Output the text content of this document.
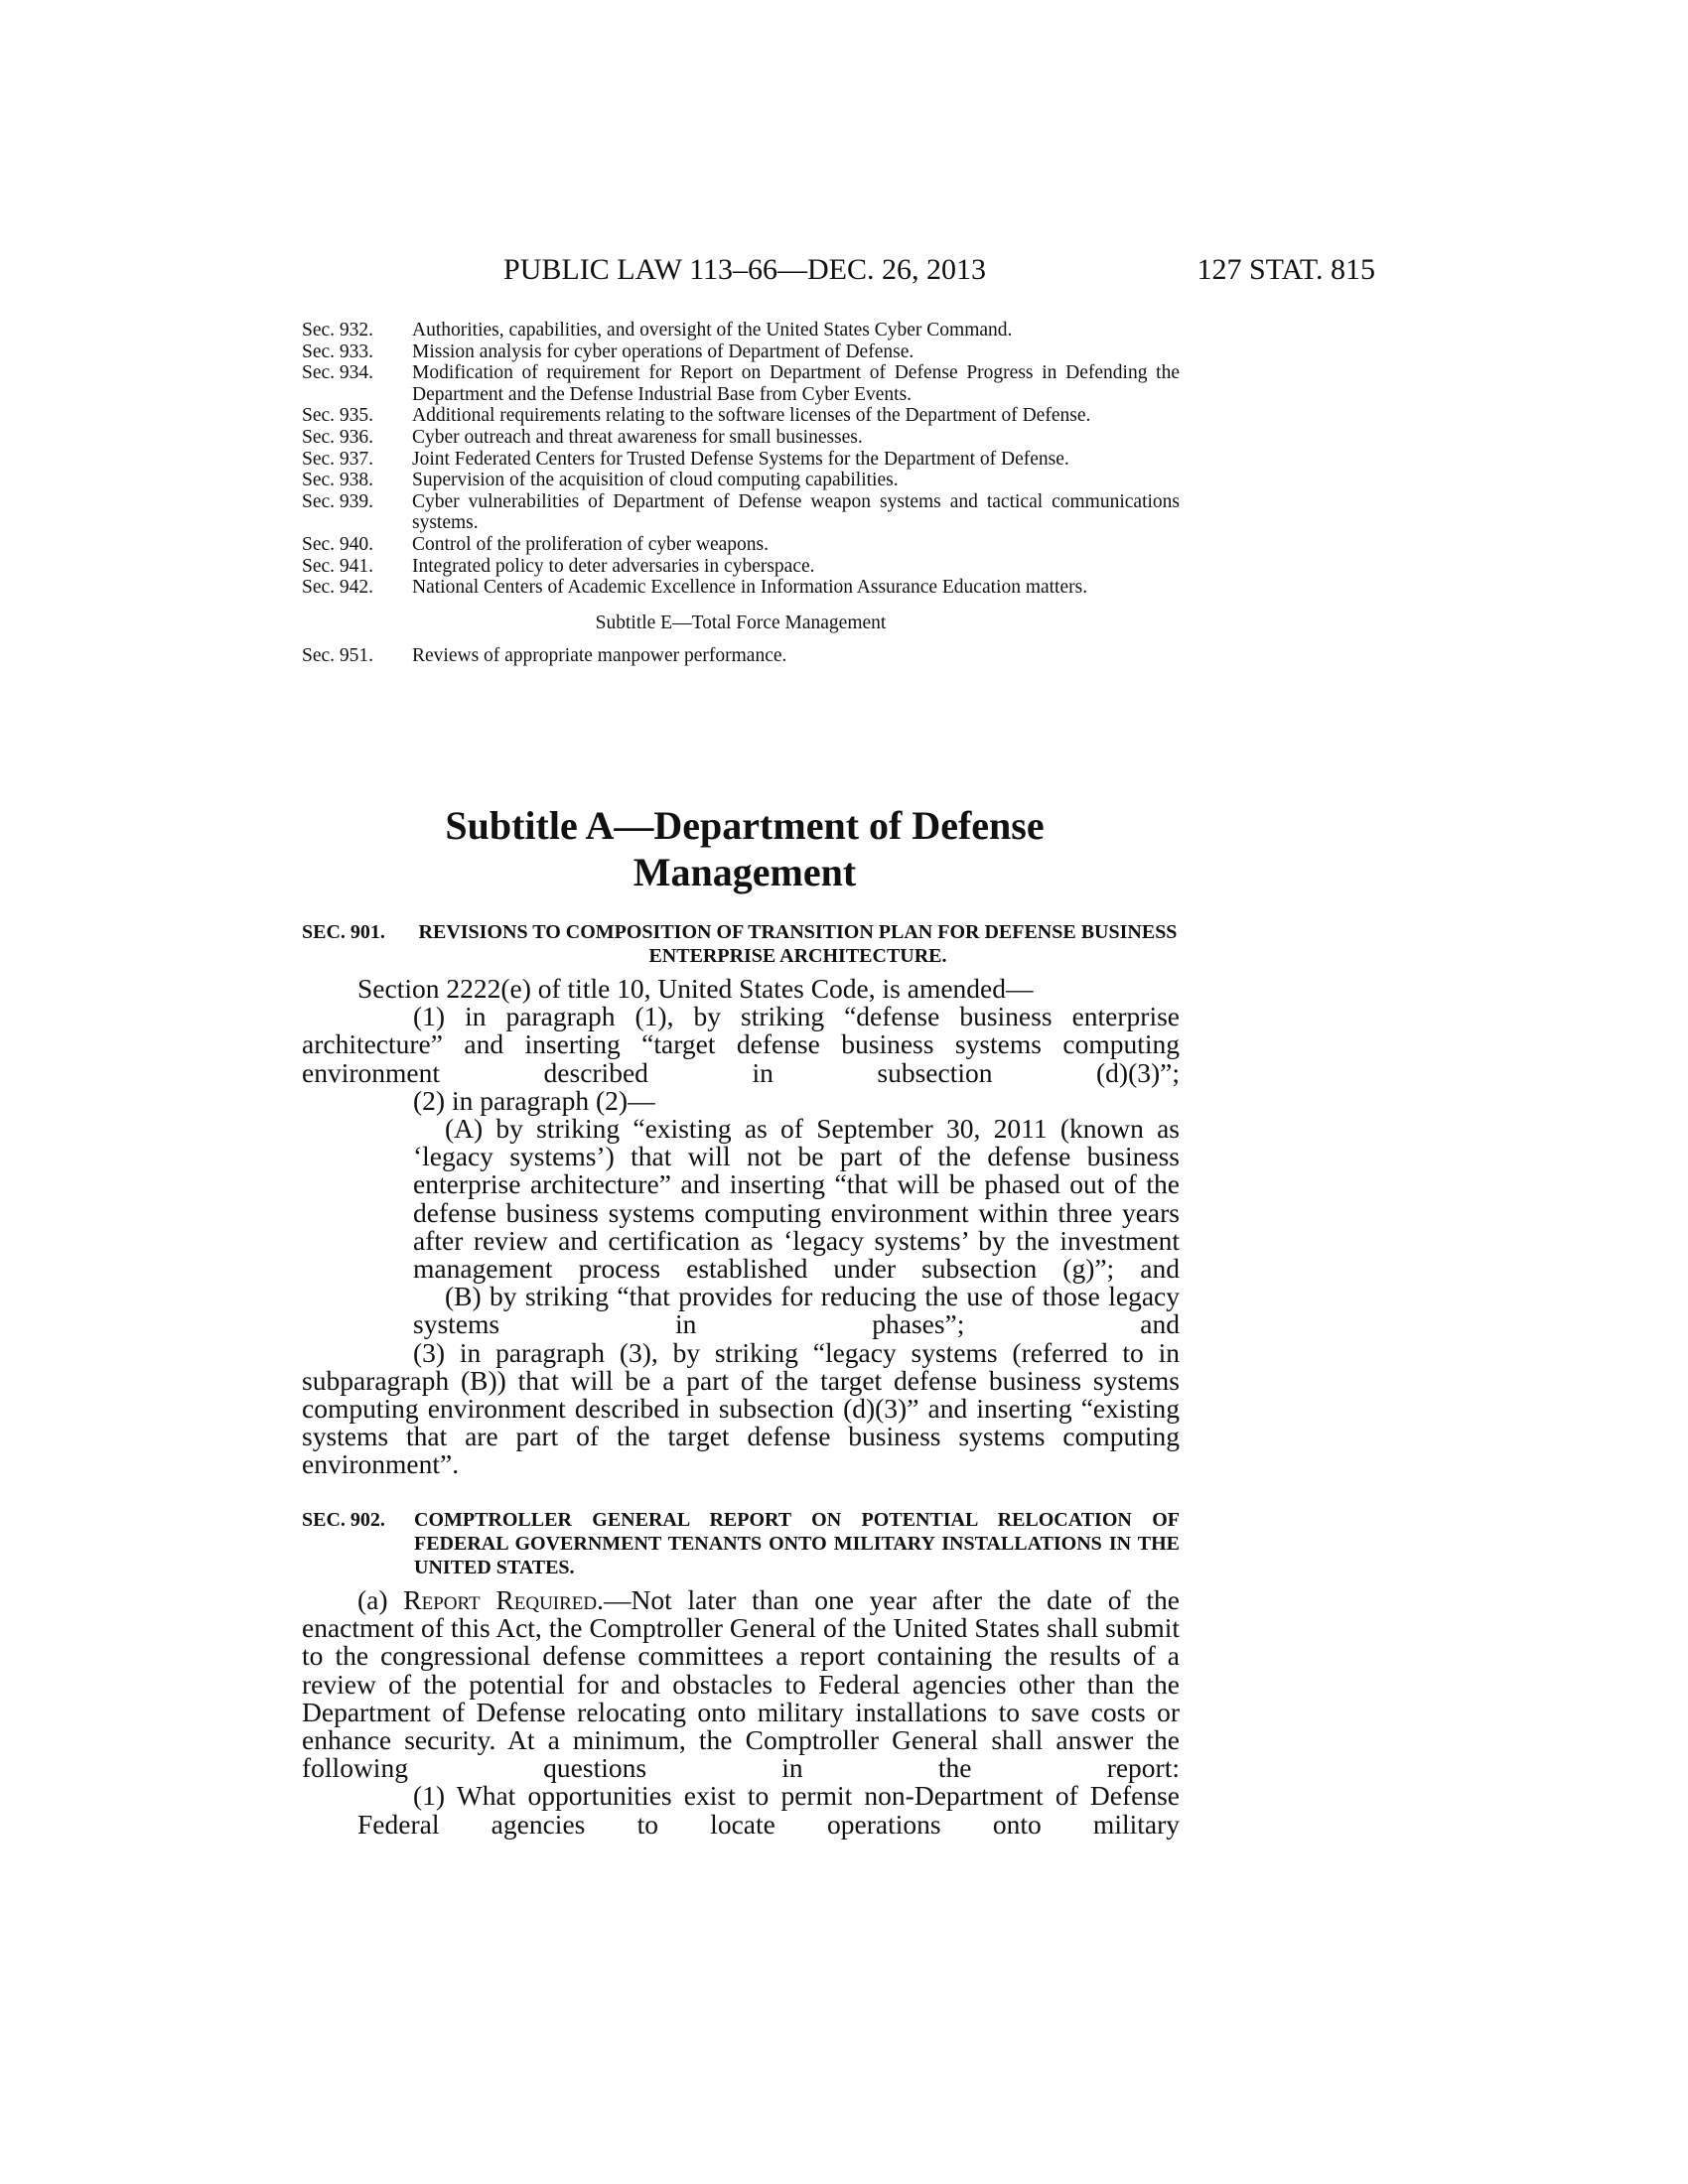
PUBLIC LAW 113–66—DEC. 26, 2013	127 STAT. 815
Sec. 932. Authorities, capabilities, and oversight of the United States Cyber Command.
Sec. 933. Mission analysis for cyber operations of Department of Defense.
Sec. 934. Modification of requirement for Report on Department of Defense Progress in Defending the Department and the Defense Industrial Base from Cyber Events.
Sec. 935. Additional requirements relating to the software licenses of the Department of Defense.
Sec. 936. Cyber outreach and threat awareness for small businesses.
Sec. 937. Joint Federated Centers for Trusted Defense Systems for the Department of Defense.
Sec. 938. Supervision of the acquisition of cloud computing capabilities.
Sec. 939. Cyber vulnerabilities of Department of Defense weapon systems and tactical communications systems.
Sec. 940. Control of the proliferation of cyber weapons.
Sec. 941. Integrated policy to deter adversaries in cyberspace.
Sec. 942. National Centers of Academic Excellence in Information Assurance Education matters.
Subtitle E—Total Force Management
Sec. 951. Reviews of appropriate manpower performance.
Subtitle A—Department of Defense
Management
SEC. 901.	REVISIONS TO COMPOSITION OF TRANSITION PLAN FOR DEFENSE BUSINESS ENTERPRISE ARCHITECTURE.

Section 2222(e) of title 10, United States Code, is amended—

(1) in paragraph (1), by striking “defense business enterprise architecture” and inserting “target defense business systems computing environment described in subsection (d)(3)”;

(2) in paragraph (2)—

(A) by striking “existing as of September 30, 2011 (known as ‘legacy systems’) that will not be part of the defense business enterprise architecture” and inserting “that will be phased out of the defense business systems computing environment within three years after review and certification as ‘legacy systems’ by the investment management process established under subsection (g)”; and

(B) by striking “that provides for reducing the use of those legacy systems in phases”; and

(3) in paragraph (3), by striking “legacy systems (referred to in subparagraph (B)) that will be a part of the target defense business systems computing environment described in subsection (d)(3)” and inserting “existing systems that are part of the target defense business systems computing environment”.

SEC. 902.	COMPTROLLER GENERAL REPORT ON POTENTIAL RELOCATION OF FEDERAL GOVERNMENT TENANTS ONTO MILITARY INSTALLATIONS IN THE UNITED STATES.

(a) Report Required.—Not later than one year after the date of the enactment of this Act, the Comptroller General of the United States shall submit to the congressional defense committees a report containing the results of a review of the potential for and obstacles to Federal agencies other than the Department of Defense relocating onto military installations to save costs or enhance security. At a minimum, the Comptroller General shall answer the following questions in the report:

(1) What opportunities exist to permit non-Department of Defense Federal agencies to locate operations onto military
